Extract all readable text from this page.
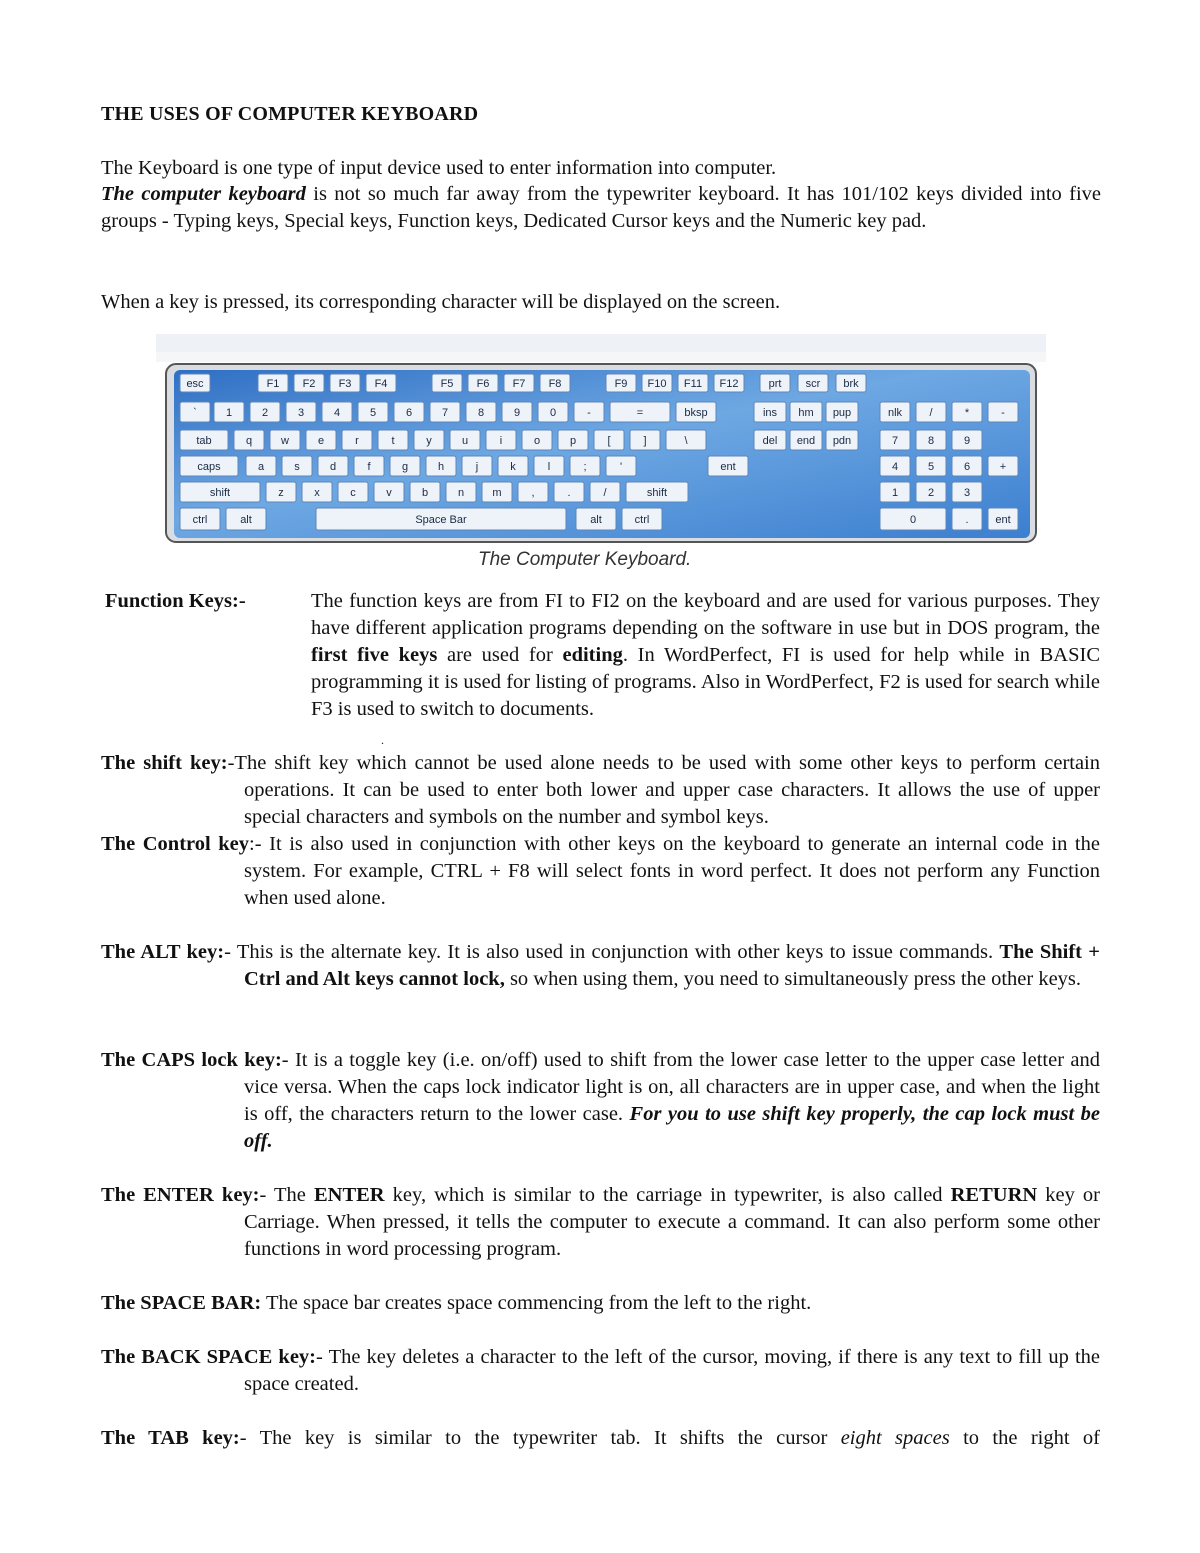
THE USES OF COMPUTER KEYBOARD
The Keyboard is one type of input device used to enter information into computer.
The computer keyboard is not so much far away from the typewriter keyboard. It has 101/102 keys divided into five groups - Typing keys, Special keys, Function keys, Dedicated Cursor keys and the Numeric key pad.
When a key is pressed, its corresponding character will be displayed on the screen.
esc	F1 F2 F3 F4	F5 F6 F7 F8	F9 F10 F11 F12	prt scr brk
`	1	2	3	4	5	6	7	8	9	0	-	=	bksp	ins hm pup	nlk /	*	-
tab	q	w	e	r	t	y	u	i	o	p	[	]	\	del end pdn	7	8	9
caps	a	s	d	f	g	h	j	k	l	;	'	ent	4	5	6	+
shift	z	x	c	v	b	n	m	,	.	/	shift	1	2	3
ctrl	alt	Space Bar	alt	ctrl	0	. ent
The Computer Keyboard.
Function Keys:-	The function keys are from FI to FI2 on the keyboard and are used for various purposes. They have different application programs depending on the software in use but in DOS program, the first five keys are used for editing. In WordPerfect, FI is used for help while in BASIC programming it is used for listing of programs. Also in WordPerfect, F2 is used for search while F3 is used to switch to documents.
.
The shift key:-The shift key which cannot be used alone needs to be used with some other keys to perform certain operations. It can be used to enter both lower and upper case characters. It allows the use of upper special characters and symbols on the number and symbol keys.
The Control key:- It is also used in conjunction with other keys on the keyboard to generate an internal code in the system. For example, CTRL + F8 will select fonts in word perfect. It does not perform any Function when used alone.
The ALT key:- This is the alternate key. It is also used in conjunction with other keys to issue commands. The Shift + Ctrl and Alt keys cannot lock, so when using them, you need to simultaneously press the other keys.
The CAPS lock key:- It is a toggle key (i.e. on/off) used to shift from the lower case letter to the upper case letter and vice versa. When the caps lock indicator light is on, all characters are in upper case, and when the light is off, the characters return to the lower case. For you to use shift key properly, the cap lock must be off.
The ENTER key:- The ENTER key, which is similar to the carriage in typewriter, is also called RETURN key or Carriage. When pressed, it tells the computer to execute a command. It can also perform some other functions in word processing program.
The SPACE BAR: The space bar creates space commencing from the left to the right.
The BACK SPACE key:- The key deletes a character to the left of the cursor, moving, if there is any text to fill up the space created.
The TAB key:- The key is similar to the typewriter tab. It shifts the cursor eight spaces to the right of
